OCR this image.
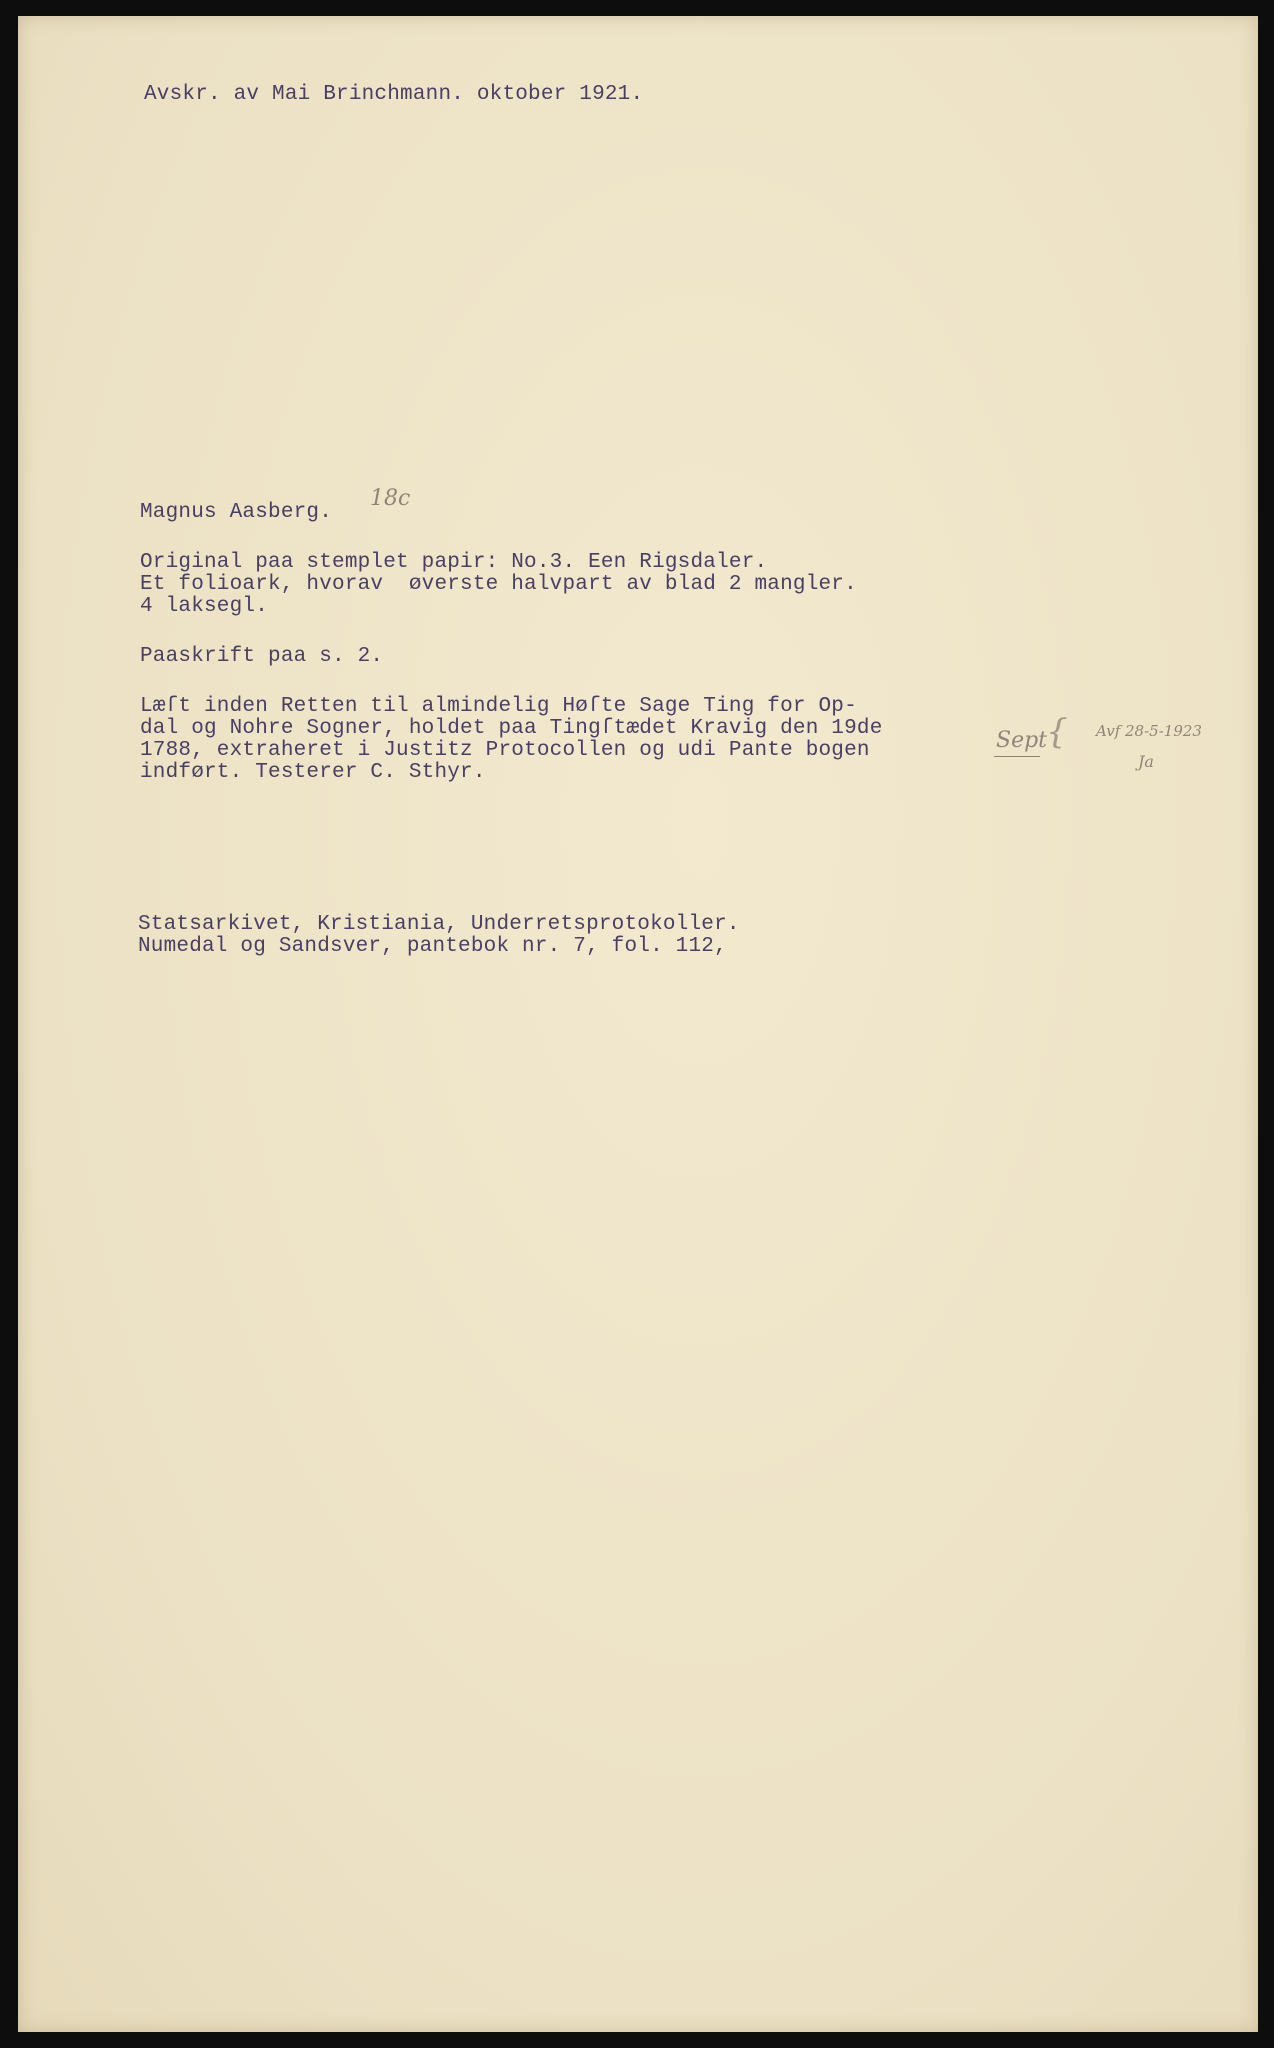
Avskr. av Mai Brinchmann. oktober 1921.
Magnus Aasberg.
18c
Original paa stemplet papir: No.3. Een Rigsdaler.
Et folioark, hvorav  øverste halvpart av blad 2 mangler.
4 laksegl.
Paaskrift paa s. 2.
Læſt inden Retten til almindelig Høſte Sage Ting for Op-
dal og Nohre Sogner, holdet paa Tingſtædet Kravig den 19de
1788, extraheret i Justitz Protocollen og udi Pante bogen
indført. Testerer C. Sthyr.
Sept
{ Avf 28-5-1923
Ja
Statsarkivet, Kristiania, Underretsprotokoller.
Numedal og Sandsver, pantebok nr. 7, fol. 112,
